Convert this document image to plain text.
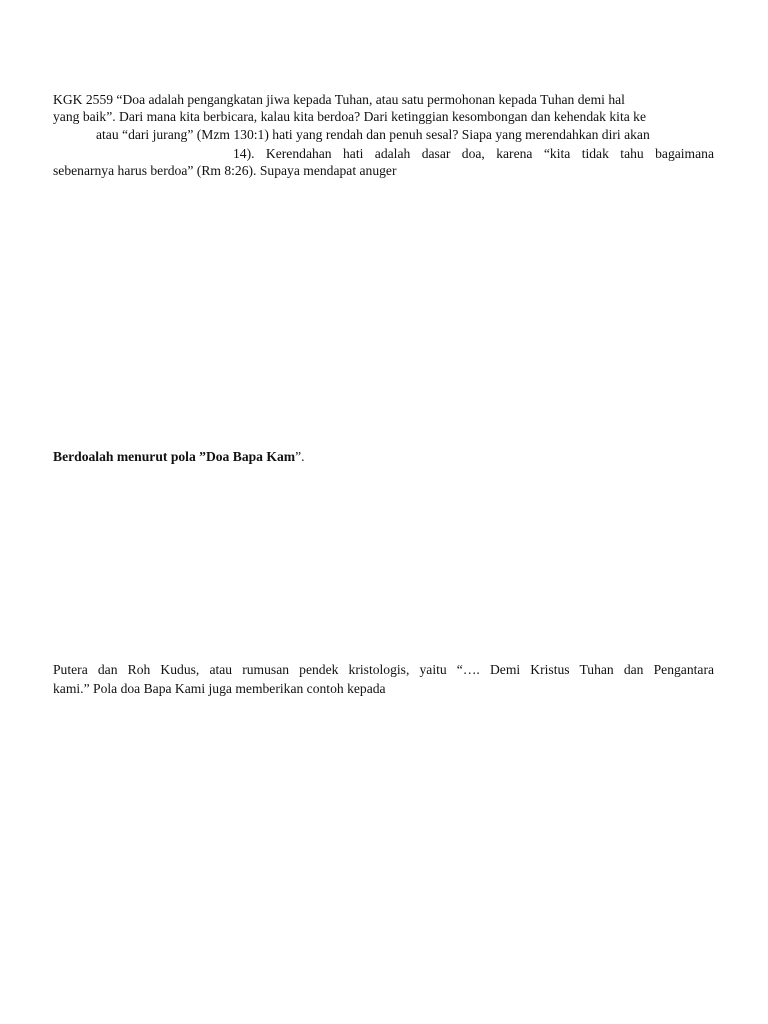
KGK 2559 “Doa adalah pengangkatan jiwa kepada Tuhan, atau satu permohonan kepada Tuhan demi hal
yang baik”. Dari mana kita berbicara, kalau kita berdoa? Dari ketinggian kesombongan dan kehendak kita ke
atau “dari jurang” (Mzm 130:1) hati yang rendah dan penuh sesal? Siapa yang merendahkan diri akan
14). Kerendahan hati adalah dasar doa, karena “kita tidak tahu bagaimana
sebenarnya harus berdoa” (Rm 8:26). Supaya mendapat anuger
Berdoalah menurut pola ”Doa Bapa Kam”.
Putera dan Roh Kudus, atau rumusan pendek kristologis, yaitu “…. Demi Kristus Tuhan dan Pengantara
kami.” Pola doa Bapa Kami juga memberikan contoh kepada
